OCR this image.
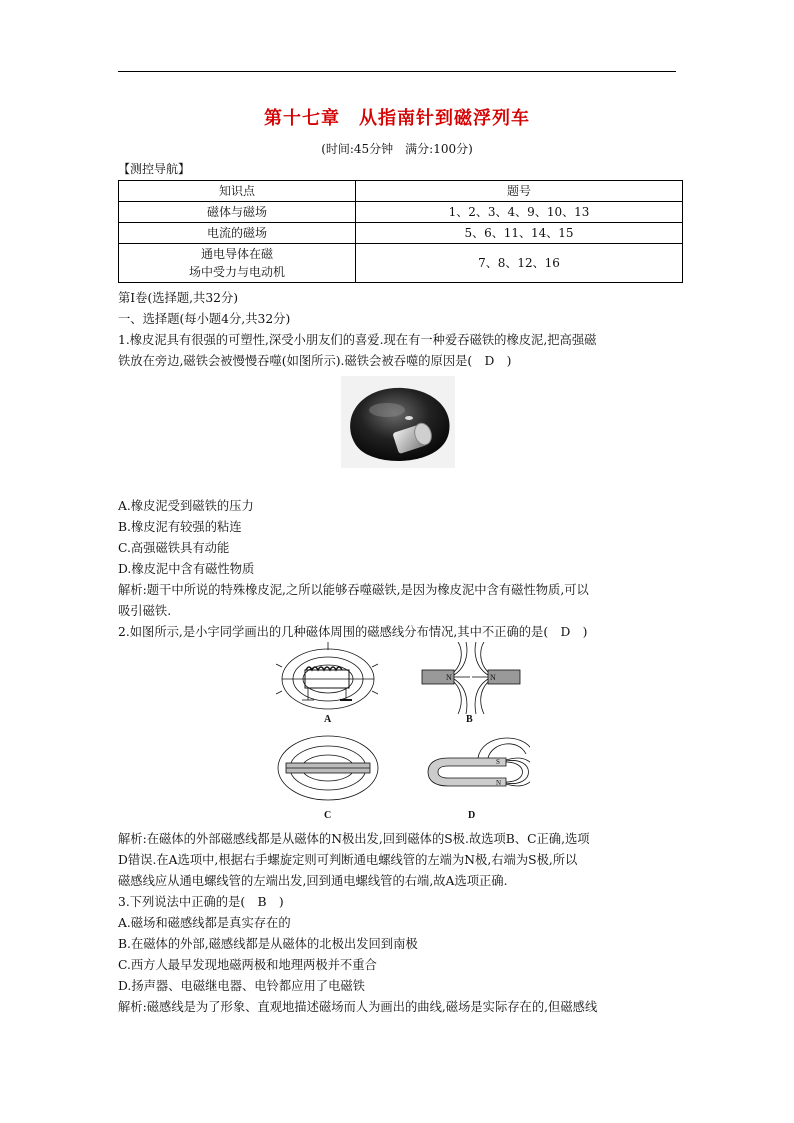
第十七章　从指南针到磁浮列车
(时间:45分钟　满分:100分)
【测控导航】
知识点	题号
磁体与磁场	1、2、3、4、9、10、13
电流的磁场	5、6、11、14、15

通电导体在磁
场中受力与电动机	7、8、12、16
第Ⅰ卷(选择题,共32分)
一、选择题(每小题4分,共32分)
1.橡皮泥具有很强的可塑性,深受小朋友们的喜爱.现在有一种爱吞磁铁的橡皮泥,把高强磁
铁放在旁边,磁铁会被慢慢吞噬(如图所示).磁铁会被吞噬的原因是(　D　)
A.橡皮泥受到磁铁的压力
B.橡皮泥有较强的粘连
C.高强磁铁具有动能
D.橡皮泥中含有磁性物质
解析:题干中所说的特殊橡皮泥,之所以能够吞噬磁铁,是因为橡皮泥中含有磁性物质,可以
吸引磁铁.
2.如图所示,是小宇同学画出的几种磁体周围的磁感线分布情况,其中不正确的是(　D　)
A
N	N
B
C
S
N
D
解析:在磁体的外部磁感线都是从磁体的N极出发,回到磁体的S极.故选项B、C正确,选项
D错误.在A选项中,根据右手螺旋定则可判断通电螺线管的左端为N极,右端为S极,所以
磁感线应从通电螺线管的左端出发,回到通电螺线管的右端,故A选项正确.
3.下列说法中正确的是(　B　)
A.磁场和磁感线都是真实存在的
B.在磁体的外部,磁感线都是从磁体的北极出发回到南极
C.西方人最早发现地磁两极和地理两极并不重合
D.扬声器、电磁继电器、电铃都应用了电磁铁
解析:磁感线是为了形象、直观地描述磁场而人为画出的曲线,磁场是实际存在的,但磁感线
